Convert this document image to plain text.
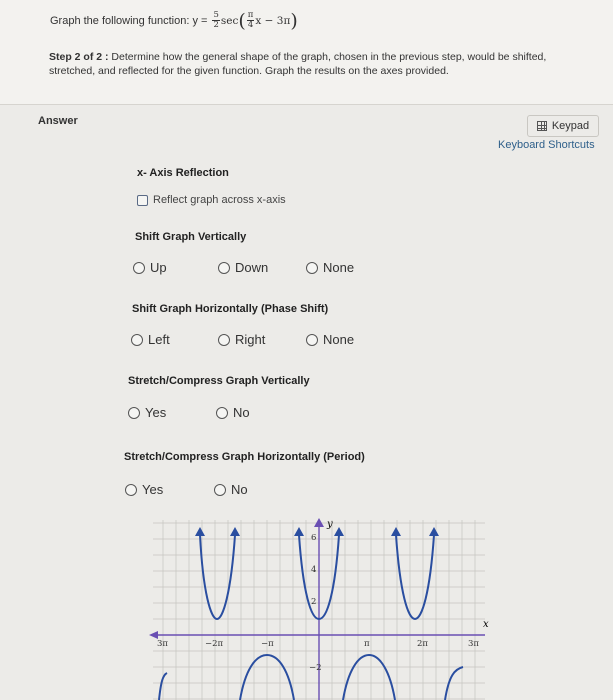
Graph the following function: $y = \frac{5}{2}$ sec ( $\frac{\pi}{4}$ x − 3π )
Step 2 of 2 : Determine how the general shape of the graph, chosen in the previous step, would be shifted, stretched, and reflected for the given function. Graph the results on the axes provided.
Answer	Keypad
Keyboard Shortcuts
x- Axis Reflection
Reflect graph across x-axis
Shift Graph Vertically
Up	Down	None
Shift Graph Horizontally (Phase Shift)
Left	Right	None
Stretch/Compress Graph Vertically
Yes	No
Stretch/Compress Graph Horizontally (Period)
Yes	No
y
x
3π	−2π	−π	π	2π	3π
6
4
2
−2
